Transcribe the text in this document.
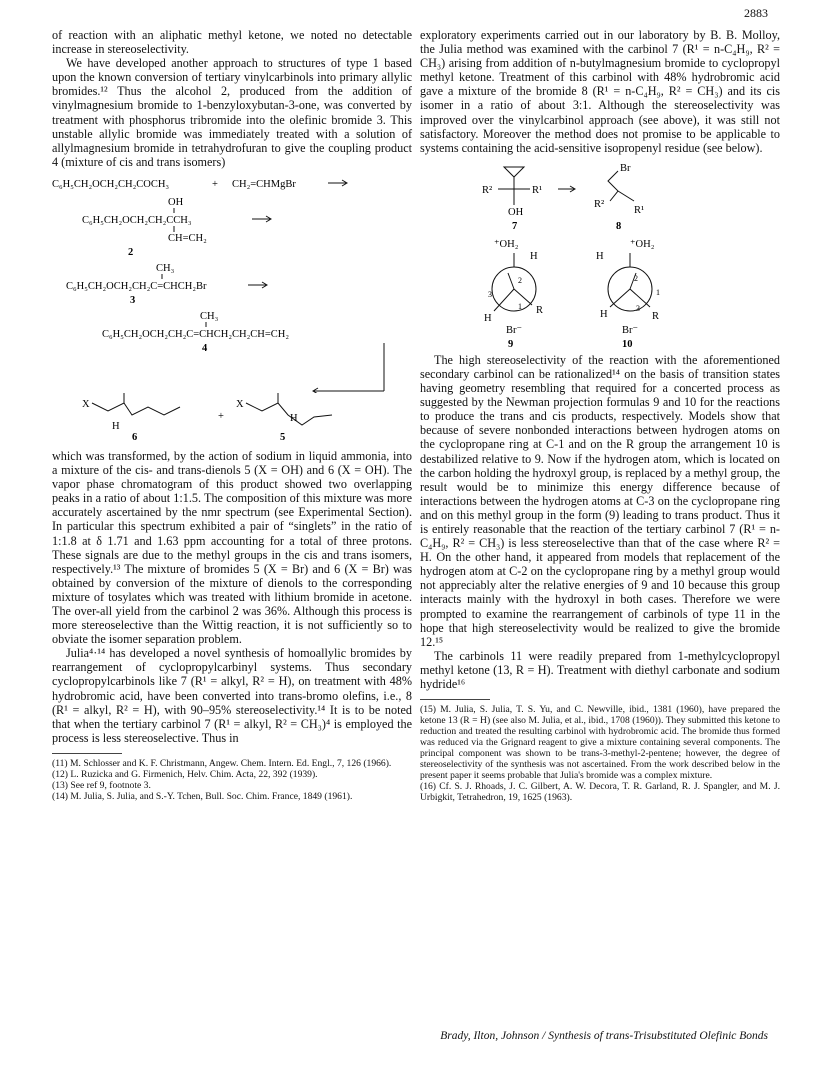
2883

of reaction with an aliphatic methyl ketone, we noted no detectable increase in stereoselectivity.

We have developed another approach to structures of type 1 based upon the known conversion of tertiary vinylcarbinols into primary allylic bromides.¹² Thus the alcohol 2, produced from the addition of vinylmagnesium bromide to 1-benzyloxybutan-3-one, was converted by treatment with phosphorus tribromide into the olefinic bromide 3. This unstable allylic bromide was immediately treated with a solution of allylmagnesium bromide in tetrahydrofuran to give the coupling product 4 (mixture of cis and trans isomers)

C₆H₅CH₂OCH₂CH₂COCH₃	+ CH₂=CHMgBr
OH
C₆H₅CH₂OCH₂CH₂CCH₃
CH=CH₂
2
CH₃
C₆H₅CH₂OCH₂CH₂C=CHCH₂Br
3
CH₃
C₆H₅CH₂OCH₂CH₂C=CHCH₂CH₂CH=CH₂
4
X
H
6
+
X
H
5

which was transformed, by the action of sodium in liquid ammonia, into a mixture of the cis- and trans-dienols 5 (X = OH) and 6 (X = OH). The vapor phase chromatogram of this product showed two overlapping peaks in a ratio of about 1:1.5. The composition of this mixture was more accurately ascertained by the nmr spectrum (see Experimental Section). In particular this spectrum exhibited a pair of “singlets” in the ratio of 1:1.8 at δ 1.71 and 1.63 ppm accounting for a total of three protons. These signals are due to the methyl groups in the cis and trans isomers, respectively.¹³ The mixture of bromides 5 (X = Br) and 6 (X = Br) was obtained by conversion of the mixture of dienols to the corresponding mixture of tosylates which was treated with lithium bromide in acetone. The over-all yield from the carbinol 2 was 36%. Although this process is more stereoselective than the Wittig reaction, it is not sufficiently so to obviate the isomer separation problem.

Julia⁴·¹⁴ has developed a novel synthesis of homoallylic bromides by rearrangement of cyclopropylcarbinyl systems. Thus secondary cyclopropylcarbinols like 7 (R¹ = alkyl, R² = H), on treatment with 48% hydrobromic acid, have been converted into trans-bromo olefins, i.e., 8 (R¹ = alkyl, R² = H), with 90–95% stereoselectivity.¹⁴ It is to be noted that when the tertiary carbinol 7 (R¹ = alkyl, R² = CH₃)⁴ is employed the process is less stereoselective. Thus in

(11) M. Schlosser and K. F. Christmann, Angew. Chem. Intern. Ed. Engl., 7, 126 (1966).

(12) L. Ruzicka and G. Firmenich, Helv. Chim. Acta, 22, 392 (1939).

(13) See ref 9, footnote 3.

(14) M. Julia, S. Julia, and S.-Y. Tchen, Bull. Soc. Chim. France, 1849 (1961).

exploratory experiments carried out in our laboratory by B. B. Molloy, the Julia method was examined with the carbinol 7 (R¹ = n-C₄H₉, R² = CH₃) arising from addition of n-butylmagnesium bromide to cyclopropyl methyl ketone. Treatment of this carbinol with 48% hydrobromic acid gave a mixture of the bromide 8 (R¹ = n-C₄H₉, R² = CH₃) and its cis isomer in a ratio of about 3:1. Although the stereoselectivity was improved over the vinylcarbinol approach (see above), it was still not satisfactory. Moreover the method does not promise to be applicable to systems containing the acid-sensitive isopropenyl residue (see below).

R²	R¹
OH
7
Br
R²
R¹
8
⁺OH₂
H
3
2
1
H
R
Br⁻
9
⁺OH₂
H
2
1
3
H	R
Br⁻
10

The high stereoselectivity of the reaction with the aforementioned secondary carbinol can be rationalized¹⁴ on the basis of transition states having geometry resembling that required for a concerted process as suggested by the Newman projection formulas 9 and 10 for the reactions to produce the trans and cis products, respectively. Models show that because of severe nonbonded interactions between hydrogen atoms on the cyclopropane ring at C-1 and on the R group the arrangement 10 is destabilized relative to 9. Now if the hydrogen atom, which is located on the carbon holding the hydroxyl group, is replaced by a methyl group, the result would be to minimize this energy difference because of interactions between the hydrogen atoms at C-3 on the cyclopropane ring and on this methyl group in the form (9) leading to trans product. Thus it is entirely reasonable that the reaction of the tertiary carbinol 7 (R¹ = n-C₄H₉, R² = CH₃) is less stereoselective than that of the case where R² = H. On the other hand, it appeared from models that replacement of the hydrogen atom at C-2 on the cyclopropane ring by a methyl group would not appreciably alter the relative energies of 9 and 10 because this group interacts mainly with the hydroxyl in both cases. Therefore we were prompted to examine the rearrangement of carbinols of type 11 in the hope that high stereoselectivity would be realized to give the bromide 12.¹⁵

The carbinols 11 were readily prepared from 1-methylcyclopropyl methyl ketone (13, R = H). Treatment with diethyl carbonate and sodium hydride¹⁶

(15) M. Julia, S. Julia, T. S. Yu, and C. Newville, ibid., 1381 (1960), have prepared the ketone 13 (R = H) (see also M. Julia, et al., ibid., 1708 (1960)). They submitted this ketone to reduction and treated the resulting carbinol with hydrobromic acid. The bromide thus formed was reduced via the Grignard reagent to give a mixture containing several components. The principal component was shown to be trans-3-methyl-2-pentene; however, the degree of stereoselectivity of the synthesis was not ascertained. From the work described below in the present paper it seems probable that Julia's bromide was a complex mixture.

(16) Cf. S. J. Rhoads, J. C. Gilbert, A. W. Decora, T. R. Garland, R. J. Spangler, and M. J. Urbigkit, Tetrahedron, 19, 1625 (1963).

Brady, Ilton, Johnson / Synthesis of trans-Trisubstituted Olefinic Bonds
